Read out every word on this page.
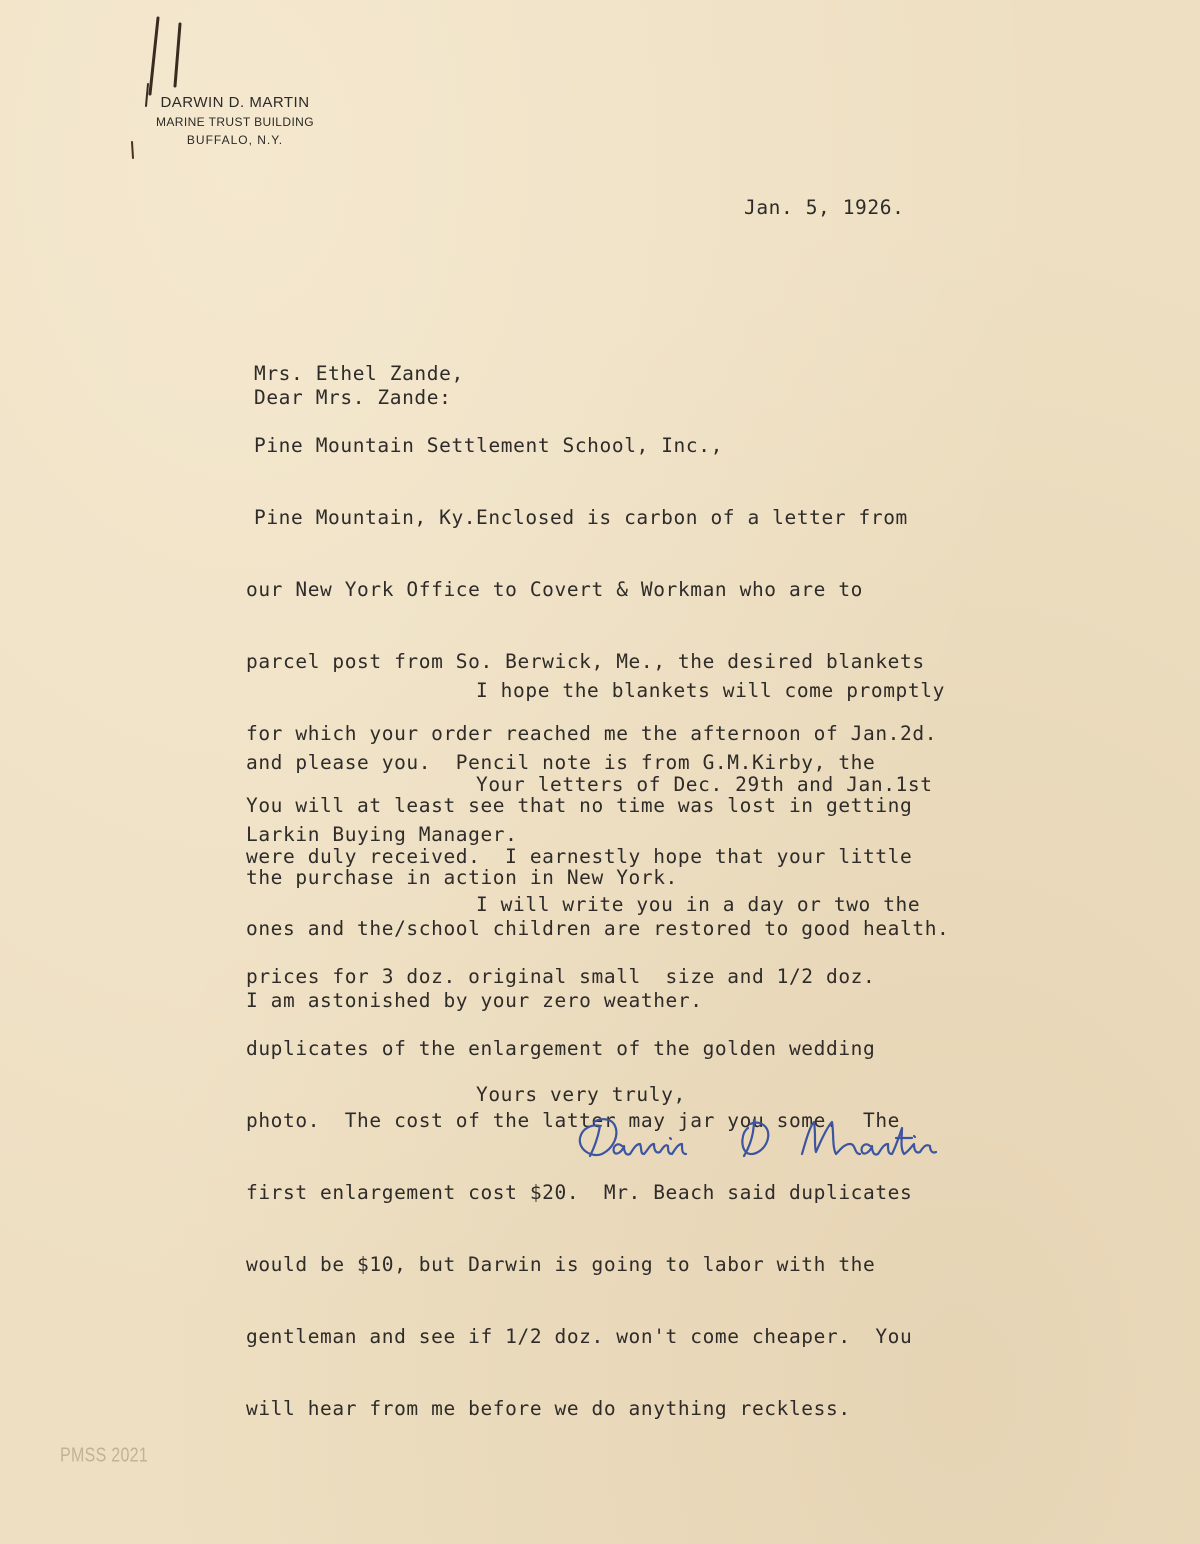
DARWIN D. MARTIN
MARINE TRUST BUILDING
BUFFALO, N.Y.
Jan. 5, 1926.

Mrs. Ethel Zande,

Pine Mountain Settlement School, Inc.,

Pine Mountain, Ky.

Dear Mrs. Zande:

Enclosed is carbon of a letter from

our New York Office to Covert & Workman who are to

parcel post from So. Berwick, Me., the desired blankets

for which your order reached me the afternoon of Jan.2d.

You will at least see that no time was lost in getting

the purchase in action in New York.

I hope the blankets will come promptly

and please you.  Pencil note is from G.M.Kirby, the

Larkin Buying Manager.

Your letters of Dec. 29th and Jan.1st

were duly received.  I earnestly hope that your little

ones and the/school children are restored to good health.

I am astonished by your zero weather.

I will write you in a day or two the

prices for 3 doz. original small  size and 1/2 doz.

duplicates of the enlargement of the golden wedding

photo.  The cost of the latter may jar you some.  The

first enlargement cost $20.  Mr. Beach said duplicates

would be $10, but Darwin is going to labor with the

gentleman and see if 1/2 doz. won't come cheaper.  You

will hear from me before we do anything reckless.

Yours very truly,
PMSS 2021
